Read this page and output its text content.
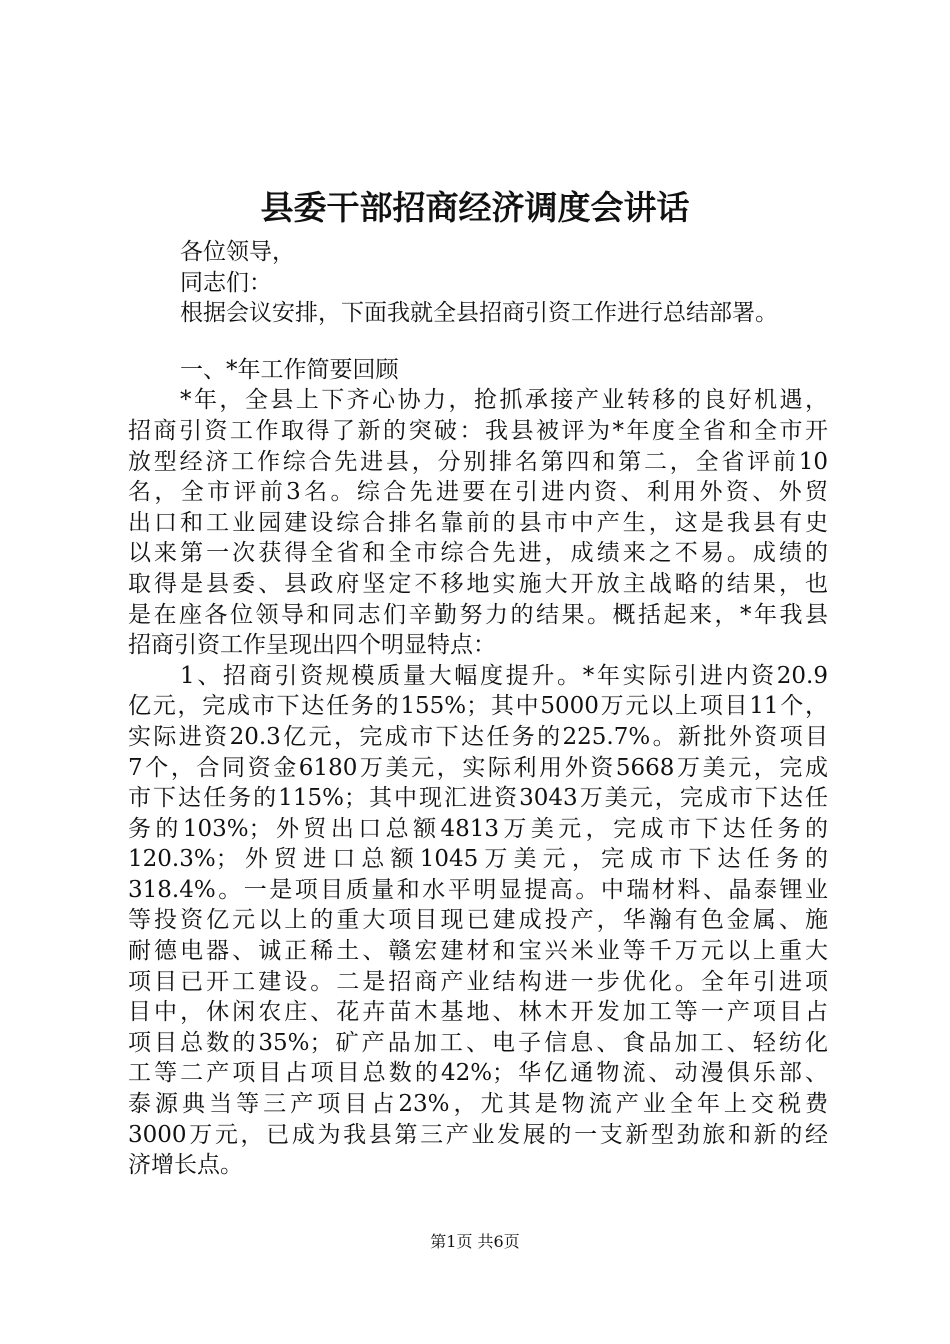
县委干部招商经济调度会讲话
各位领导，
同志们：
根据会议安排，下面我就全县招商引资工作进行总结部署。
一、*年工作简要回顾
*年，全县上下齐心协力，抢抓承接产业转移的良好机遇，
招商引资工作取得了新的突破：我县被评为*年度全省和全市开
放型经济工作综合先进县，分别排名第四和第二，全省评前10
名，全市评前3名。综合先进要在引进内资、利用外资、外贸
出口和工业园建设综合排名靠前的县市中产生，这是我县有史
以来第一次获得全省和全市综合先进，成绩来之不易。成绩的
取得是县委、县政府坚定不移地实施大开放主战略的结果，也
是在座各位领导和同志们辛勤努力的结果。概括起来，*年我县
招商引资工作呈现出四个明显特点：
1、招商引资规模质量大幅度提升。*年实际引进内资20.9
亿元，完成市下达任务的155%；其中5000万元以上项目11个，
实际进资20.3亿元，完成市下达任务的225.7%。新批外资项目
7个，合同资金6180万美元，实际利用外资5668万美元，完成
市下达任务的115%；其中现汇进资3043万美元，完成市下达任
务的103%；外贸出口总额4813万美元，完成市下达任务的
120.3%；外贸进口总额1045万美元，完成市下达任务的
318.4%。一是项目质量和水平明显提高。中瑞材料、晶泰锂业
等投资亿元以上的重大项目现已建成投产，华瀚有色金属、施
耐德电器、诚正稀土、赣宏建材和宝兴米业等千万元以上重大
项目已开工建设。二是招商产业结构进一步优化。全年引进项
目中，休闲农庄、花卉苗木基地、林木开发加工等一产项目占
项目总数的35%；矿产品加工、电子信息、食品加工、轻纺化
工等二产项目占项目总数的42%；华亿通物流、动漫俱乐部、
泰源典当等三产项目占23%，尤其是物流产业全年上交税费
3000万元，已成为我县第三产业发展的一支新型劲旅和新的经
济增长点。
第1页 共6页
